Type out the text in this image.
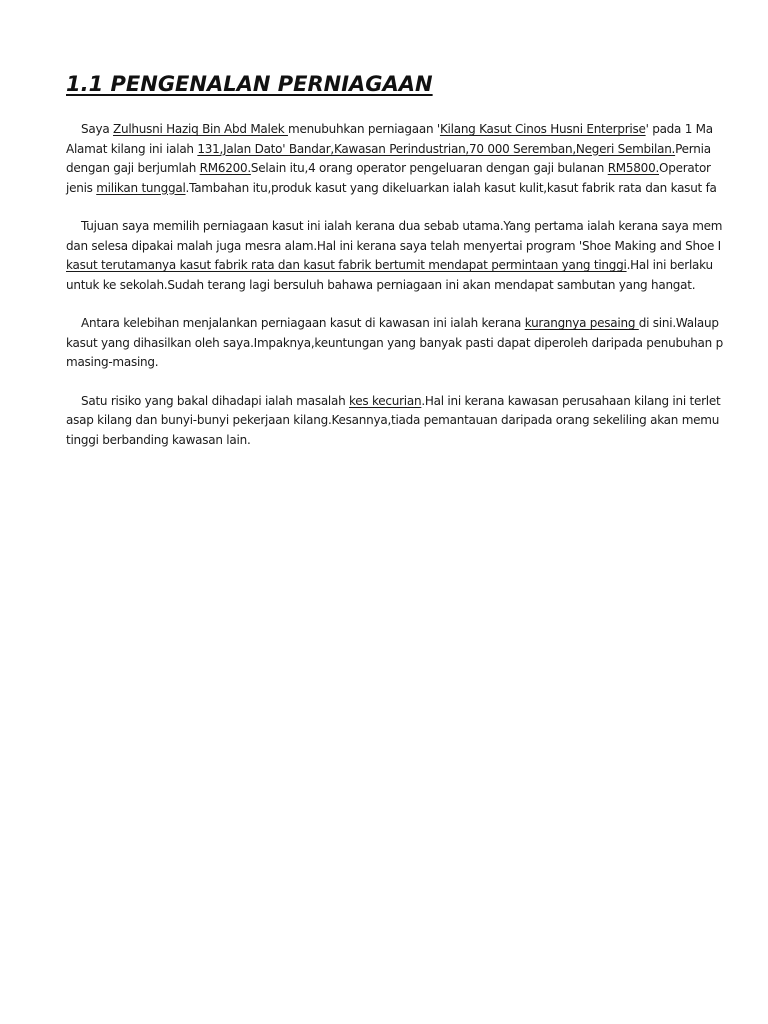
1.1 PENGENALAN PERNIAGAAN
Saya Zulhusni Haziq Bin Abd Malek menubuhkan perniagaan 'Kilang Kasut Cinos Husni Enterprise' pada 1 Ma
Alamat kilang ini ialah 131,Jalan Dato' Bandar,Kawasan Perindustrian,70 000 Seremban,Negeri Sembilan.Pernia
dengan gaji berjumlah RM6200.Selain itu,4 orang operator pengeluaran dengan gaji bulanan RM5800.Operator
jenis milikan tunggal.Tambahan itu,produk kasut yang dikeluarkan ialah kasut kulit,kasut fabrik rata dan kasut fa
Tujuan saya memilih perniagaan kasut ini ialah kerana dua sebab utama.Yang pertama ialah kerana saya mem
dan selesa dipakai malah juga mesra alam.Hal ini kerana saya telah menyertai program 'Shoe Making and Shoe I
kasut terutamanya kasut fabrik rata dan kasut fabrik bertumit mendapat permintaan yang tinggi.Hal ini berlaku
untuk ke sekolah.Sudah terang lagi bersuluh bahawa perniagaan ini akan mendapat sambutan yang hangat.
Antara kelebihan menjalankan perniagaan kasut di kawasan ini ialah kerana kurangnya pesaing di sini.Walaup
kasut yang dihasilkan oleh saya.Impaknya,keuntungan yang banyak pasti dapat diperoleh daripada penubuhan p
masing-masing.
Satu risiko yang bakal dihadapi ialah masalah kes kecurian.Hal ini kerana kawasan perusahaan kilang ini terlet
asap kilang dan bunyi-bunyi pekerjaan kilang.Kesannya,tiada pemantauan daripada orang sekeliling akan memu
tinggi berbanding kawasan lain.
